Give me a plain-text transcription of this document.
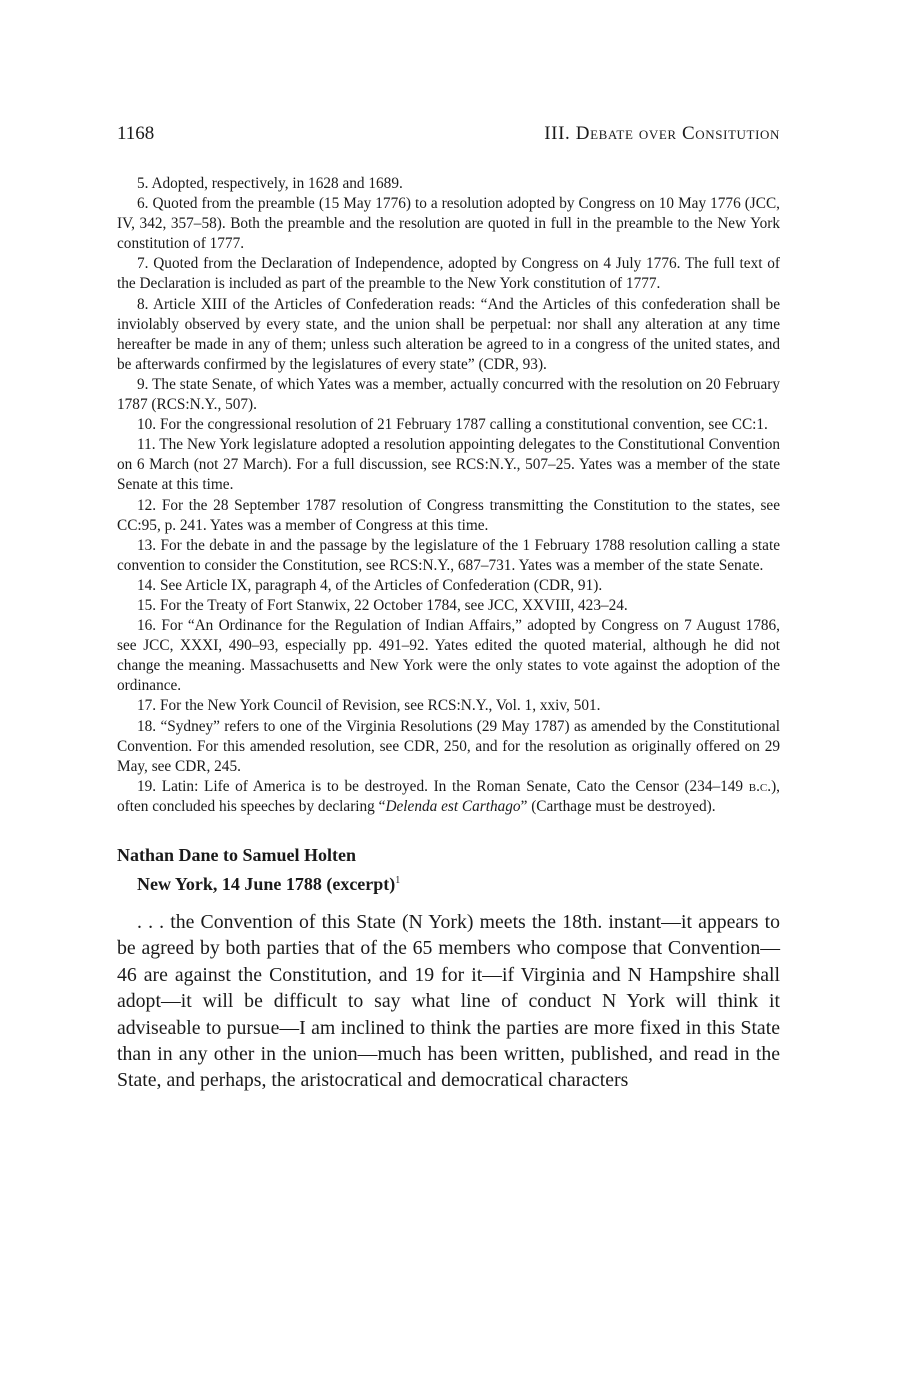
1168	III. Debate over Consitution

5. Adopted, respectively, in 1628 and 1689.

6. Quoted from the preamble (15 May 1776) to a resolution adopted by Congress on 10 May 1776 (JCC, IV, 342, 357–58). Both the preamble and the resolution are quoted in full in the preamble to the New York constitution of 1777.

7. Quoted from the Declaration of Independence, adopted by Congress on 4 July 1776. The full text of the Declaration is included as part of the preamble to the New York constitution of 1777.

8. Article XIII of the Articles of Confederation reads: “And the Articles of this confederation shall be inviolably observed by every state, and the union shall be perpetual: nor shall any alteration at any time hereafter be made in any of them; unless such alteration be agreed to in a congress of the united states, and be afterwards confirmed by the legislatures of every state” (CDR, 93).

9. The state Senate, of which Yates was a member, actually concurred with the resolution on 20 February 1787 (RCS:N.Y., 507).

10. For the congressional resolution of 21 February 1787 calling a constitutional convention, see CC:1.

11. The New York legislature adopted a resolution appointing delegates to the Constitutional Convention on 6 March (not 27 March). For a full discussion, see RCS:N.Y., 507–25. Yates was a member of the state Senate at this time.

12. For the 28 September 1787 resolution of Congress transmitting the Constitution to the states, see CC:95, p. 241. Yates was a member of Congress at this time.

13. For the debate in and the passage by the legislature of the 1 February 1788 resolution calling a state convention to consider the Constitution, see RCS:N.Y., 687–731. Yates was a member of the state Senate.

14. See Article IX, paragraph 4, of the Articles of Confederation (CDR, 91).

15. For the Treaty of Fort Stanwix, 22 October 1784, see JCC, XXVIII, 423–24.

16. For “An Ordinance for the Regulation of Indian Affairs,” adopted by Congress on 7 August 1786, see JCC, XXXI, 490–93, especially pp. 491–92. Yates edited the quoted material, although he did not change the meaning. Massachusetts and New York were the only states to vote against the adoption of the ordinance.

17. For the New York Council of Revision, see RCS:N.Y., Vol. 1, xxiv, 501.

18. “Sydney” refers to one of the Virginia Resolutions (29 May 1787) as amended by the Constitutional Convention. For this amended resolution, see CDR, 250, and for the resolution as originally offered on 29 May, see CDR, 245.

19. Latin: Life of America is to be destroyed. In the Roman Senate, Cato the Censor (234–149 b.c.), often concluded his speeches by declaring “Delenda est Carthago” (Carthage must be destroyed).

Nathan Dane to Samuel Holten
New York, 14 June 1788 (excerpt)$^1$

. . . the Convention of this State (N York) meets the 18th. instant—it appears to be agreed by both parties that of the 65 members who compose that Convention—46 are against the Constitution, and 19 for it—if Virginia and N Hampshire shall adopt—it will be difficult to say what line of conduct N York will think it adviseable to pursue—I am inclined to think the parties are more fixed in this State than in any other in the union—much has been written, published, and read in the State, and perhaps, the aristocratical and democratical characters
